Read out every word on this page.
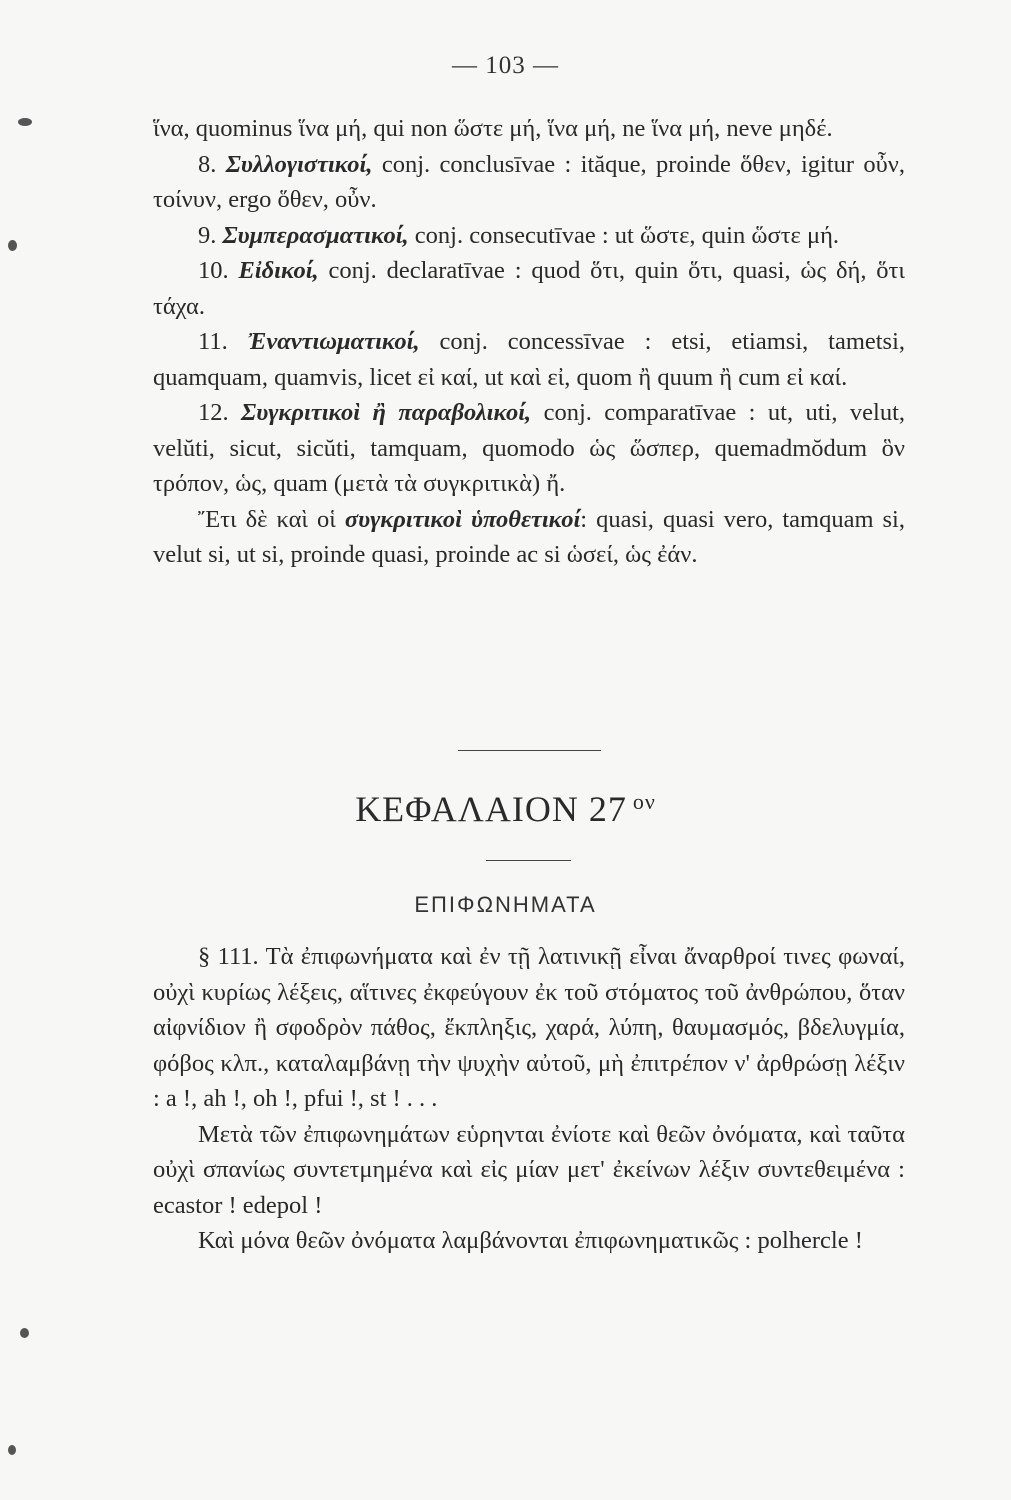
— 103 —

ἵνα, quominus ἵνα μή, qui non ὥστε μή, ἵνα μή, ne ἵνα μή, neve μηδέ.

8. Συλλογιστικοί, conj. conclusīvae : ităque, proinde ὅθεν, igitur οὖν, τοίνυν, ergo ὅθεν, οὖν.

9. Συμπερασματικοί, conj. consecutīvae : ut ὥστε, quin ὥστε μή.

10. Εἰδικοί, conj. declaratīvae : quod ὅτι, quin ὅτι, quasi, ὡς δή, ὅτι τάχα.

11. Ἐναντιωματικοί, conj. concessīvae : etsi, etiamsi, tametsi, quamquam, quamvis, licet εἰ καί, ut καὶ εἰ, quom ἢ quum ἢ cum εἰ καί.

12. Συγκριτικοὶ ἢ παραβολικοί, conj. comparatīvae : ut, uti, velut, velŭti, sicut, sicŭti, tamquam, quomodo ὡς ὥσπερ, quemadmŏdum ὃν τρόπον, ὡς, quam (μετὰ τὰ συγκριτικὰ) ἤ.

Ἔτι δὲ καὶ οἱ συγκριτικοὶ ὑποθετικοί: quasi, quasi vero, tamquam si, velut si, ut si, proinde quasi, proinde ac si ὡσεί, ὡς ἐάν.

ΚΕΦΑΛΑΙΟΝ 27 $^{o\nu}$
ΕΠΙΦΩΝΗΜΑΤΑ

§ 111. Τὰ ἐπιφωνήματα καὶ ἐν τῇ λατινικῇ εἶναι ἄναρθροί τινες φωναί, οὐχὶ κυρίως λέξεις, αἵτινες ἐκφεύγουν ἐκ τοῦ στόματος τοῦ ἀνθρώπου, ὅταν αἰφνίδιον ἢ σφοδρὸν πάθος, ἔκπληξις, χαρά, λύπη, θαυμασμός, βδελυγμία, φόβος κλπ., καταλαμβάνῃ τὴν ψυχὴν αὐτοῦ, μὴ ἐπιτρέπον ν' ἀρθρώσῃ λέξιν : a !, ah !, oh !, pfui !, st ! . . .

Μετὰ τῶν ἐπιφωνημάτων εὑρηνται ἐνίοτε καὶ θεῶν ὀνόματα, καὶ ταῦτα οὐχὶ σπανίως συντετμημένα καὶ εἰς μίαν μετ' ἐκείνων λέξιν συντεθειμένα : ecastor ! edepol !

Καὶ μόνα θεῶν ὀνόματα λαμβάνονται ἐπιφωνηματικῶς : polhercle !
